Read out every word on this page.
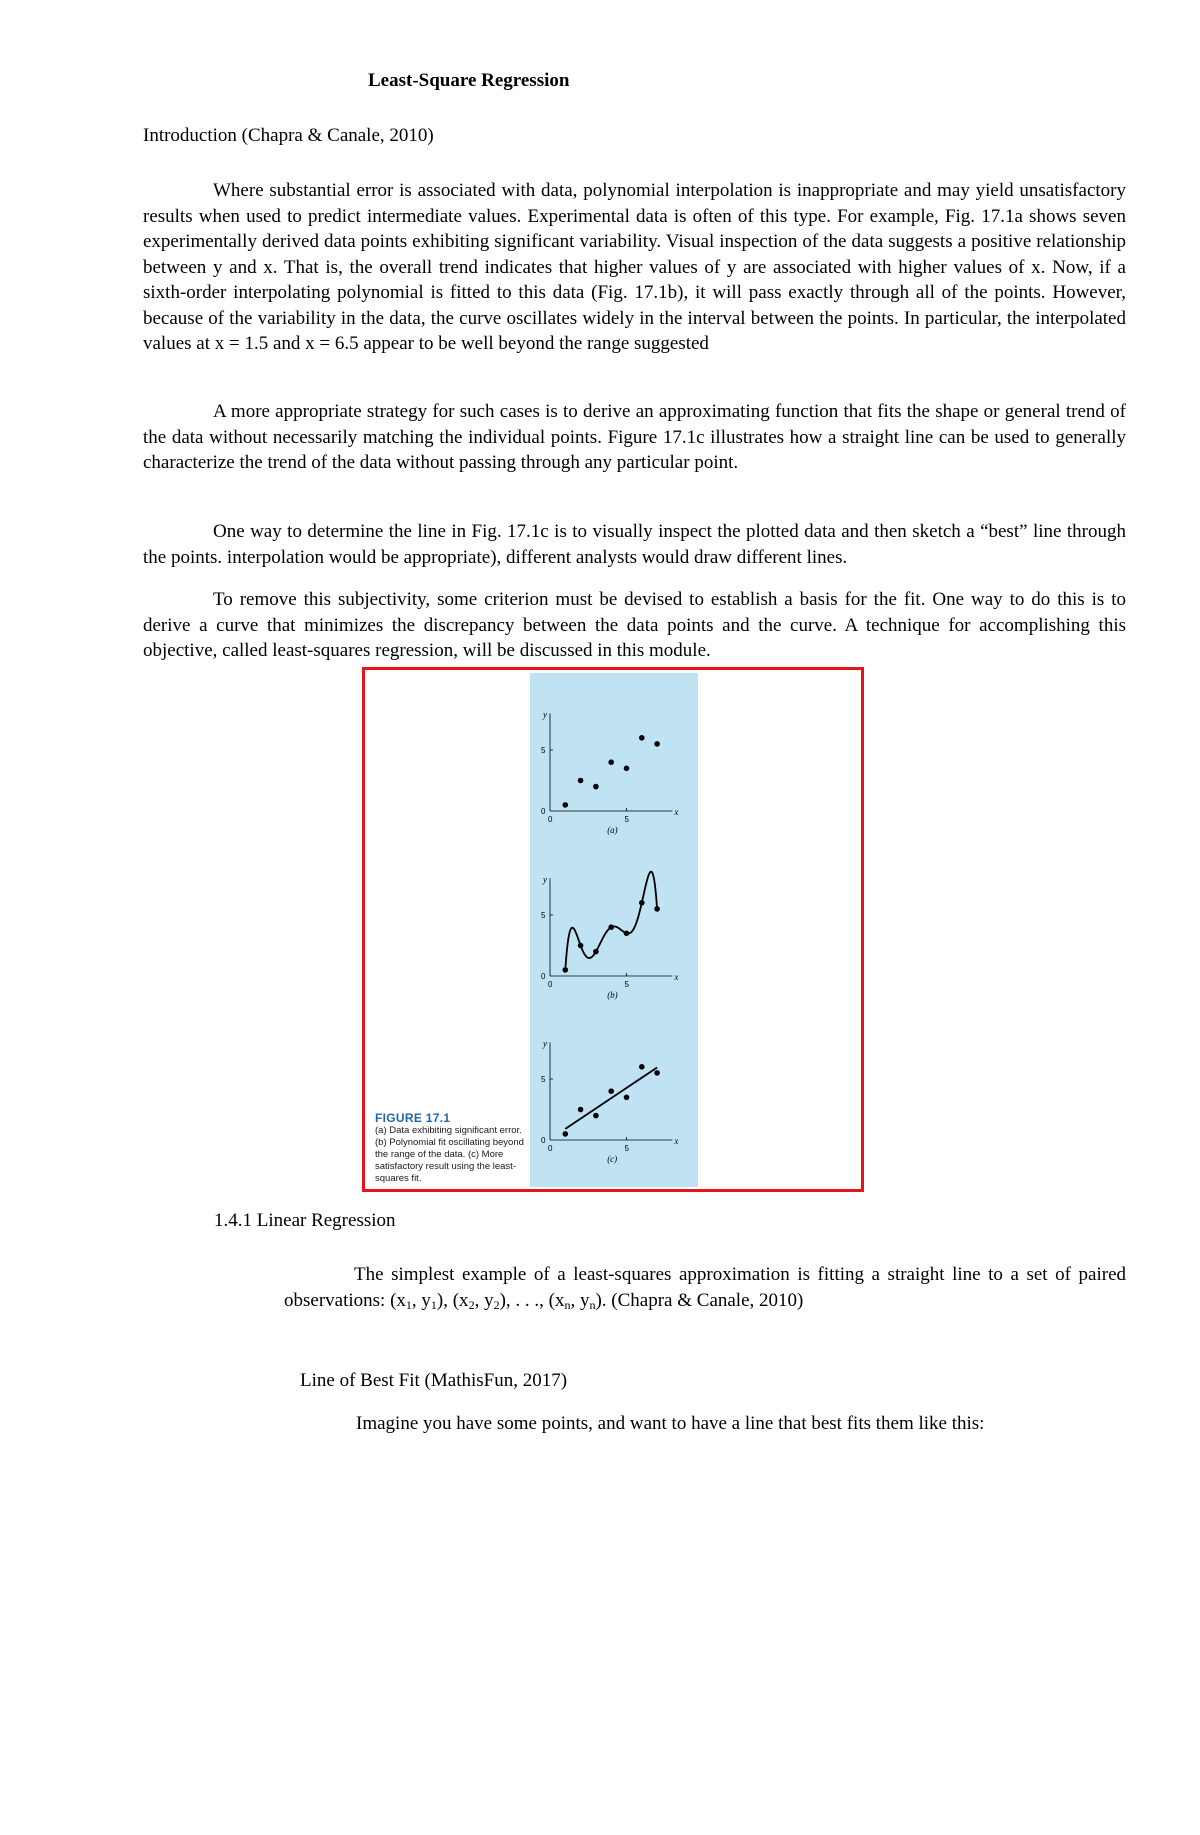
Least-Square Regression
Introduction (Chapra & Canale, 2010)

Where substantial error is associated with data, polynomial interpolation is inappropriate and may yield unsatisfactory results when used to predict intermediate values. Experimental data is often of this type. For example, Fig. 17.1a shows seven experimentally derived data points exhibiting significant variability. Visual inspection of the data suggests a positive relationship between y and x. That is, the overall trend indicates that higher values of y are associated with higher values of x. Now, if a sixth-order interpolating polynomial is fitted to this data (Fig. 17.1b), it will pass exactly through all of the points. However, because of the variability in the data, the curve oscillates widely in the interval between the points. In particular, the interpolated values at x = 1.5 and x = 6.5 appear to be well beyond the range suggested

A more appropriate strategy for such cases is to derive an approximating function that fits the shape or general trend of the data without necessarily matching the individual points. Figure 17.1c illustrates how a straight line can be used to generally characterize the trend of the data without passing through any particular point.

One way to determine the line in Fig. 17.1c is to visually inspect the plotted data and then sketch a “best” line through the points. interpolation would be appropriate), different analysts would draw different lines.

To remove this subjectivity, some criterion must be devised to establish a basis for the fit. One way to do this is to derive a curve that minimizes the discrepancy between the data points and the curve. A technique for accomplishing this objective, called least-squares regression, will be discussed in this module.

0
5
0	5
y
x
(a)
0
5
0	5
y
x
(b)
0
5
0	5
y
x
(c)
FIGURE 17.1
(a) Data exhibiting significant error. (b) Polynomial fit oscillating beyond the range of the data. (c) More satisfactory result using the least-squares fit.
1.4.1 Linear Regression

The simplest example of a least-squares approximation is fitting a straight line to a set of paired observations: ($x_1$, $y_1$), ($x_2$, $y_2$), . . ., ($x_n$, $y_n$). (Chapra & Canale, 2010)

Line of Best Fit (MathisFun, 2017)
Imagine you have some points, and want to have a line that best fits them like this:
